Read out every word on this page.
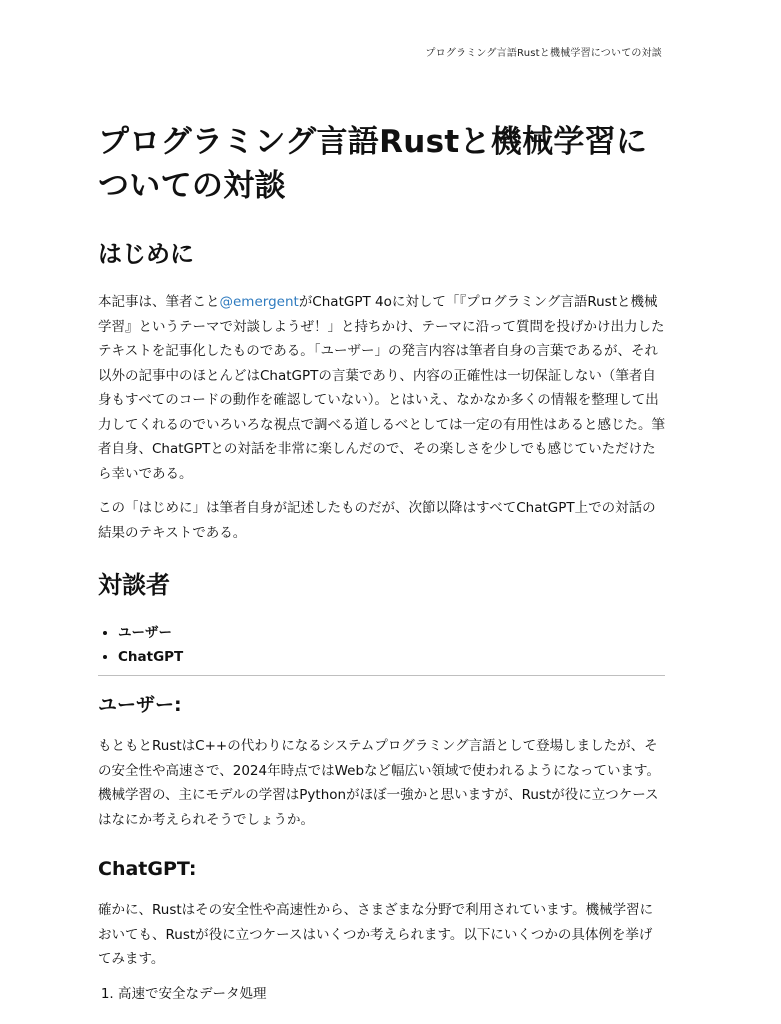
プログラミング言語Rustと機械学習についての対談
プログラミング言語Rustと機械学習についての対談
はじめに

本記事は、筆者こと@emergentがChatGPT 4oに対して「『プログラミング言語Rustと機械学習』というテーマで対談しようぜ！」と持ちかけ、テーマに沿って質問を投げかけ出力したテキストを記事化したものである。「ユーザー」の発言内容は筆者自身の言葉であるが、それ以外の記事中のほとんどはChatGPTの言葉であり、内容の正確性は一切保証しない（筆者自身もすべてのコードの動作を確認していない）。とはいえ、なかなか多くの情報を整理して出力してくれるのでいろいろな視点で調べる道しるべとしては一定の有用性はあると感じた。筆者自身、ChatGPTとの対話を非常に楽しんだので、その楽しさを少しでも感じていただけたら幸いである。

この「はじめに」は筆者自身が記述したものだが、次節以降はすべてChatGPT上での対話の結果のテキストである。

対談者
• ユーザー
• ChatGPT
ユーザー:

もともとRustはC++の代わりになるシステムプログラミング言語として登場しましたが、その安全性や高速さで、2024年時点ではWebなど幅広い領域で使われるようになっています。機械学習の、主にモデルの学習はPythonがほぼ一強かと思いますが、Rustが役に立つケースはなにか考えられそうでしょうか。

ChatGPT:

確かに、Rustはその安全性や高速性から、さまざまな分野で利用されています。機械学習においても、Rustが役に立つケースはいくつか考えられます。以下にいくつかの具体例を挙げてみます。

1. 高速で安全なデータ処理
